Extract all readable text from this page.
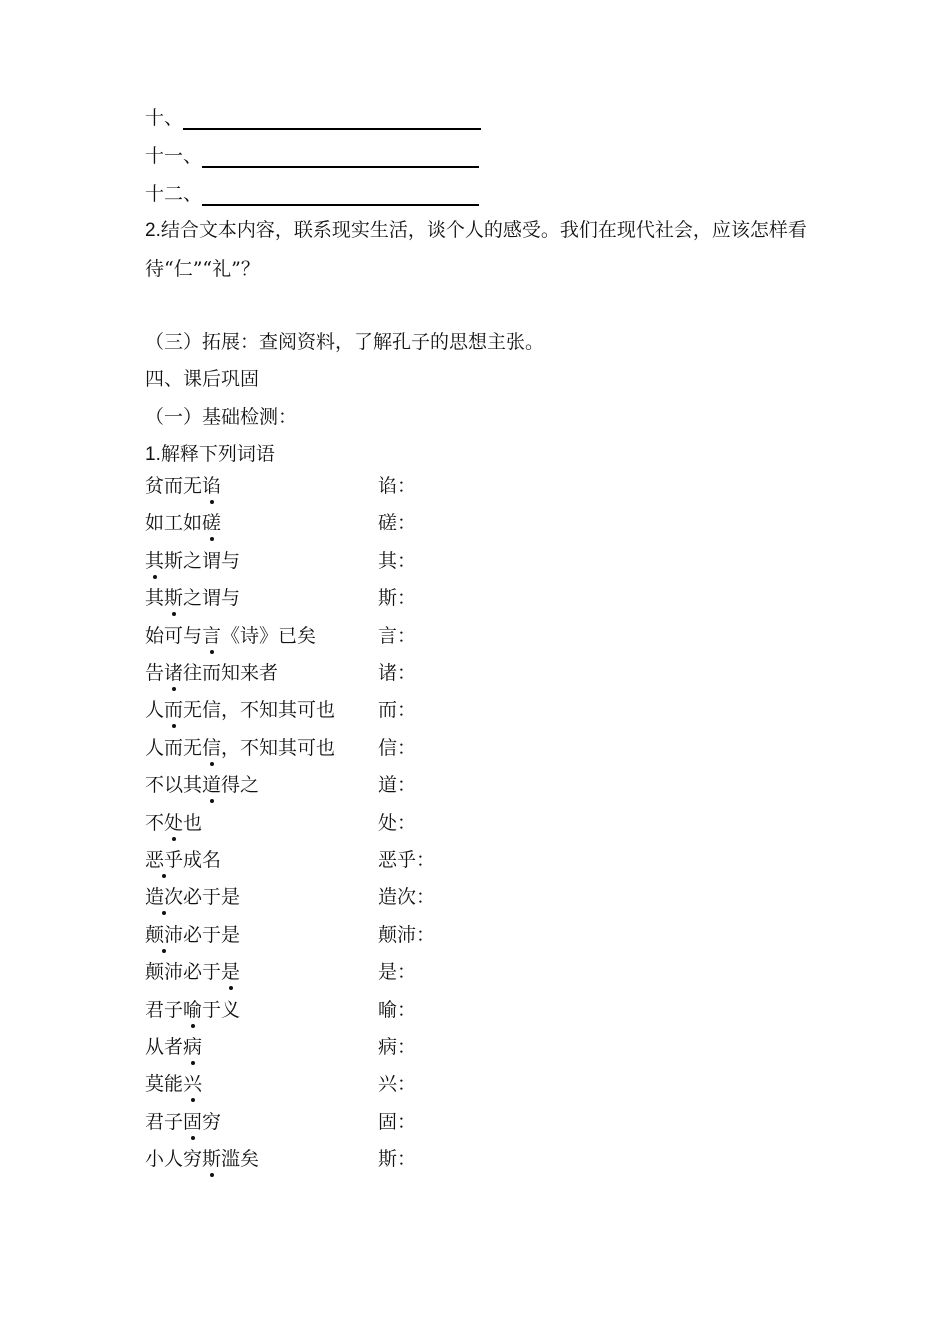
十、
十一、
十二、
2.结合文本内容，联系现实生活，谈个人的感受。我们在现代社会，应该怎样看待“仁”“礼”？
（三）拓展：查阅资料，了解孔子的思想主张。
四、课后巩固
（一）基础检测：
1.解释下列词语
贫而无谄	谄：
如工如磋	磋：
其斯之谓与	其：
其斯之谓与	斯：
始可与言《诗》已矣	言：
告诸往而知来者	诸：
人而无信，不知其可也 而：
人而无信，不知其可也 信：
不以其道得之	道：
不处也	处：
恶乎成名	恶乎：
造次必于是	造次：
颠沛必于是	颠沛：
颠沛必于是	是：
君子喻于义	喻：
从者病	病：
莫能兴	兴：
君子固穷	固：
小人穷斯滥矣	斯：
